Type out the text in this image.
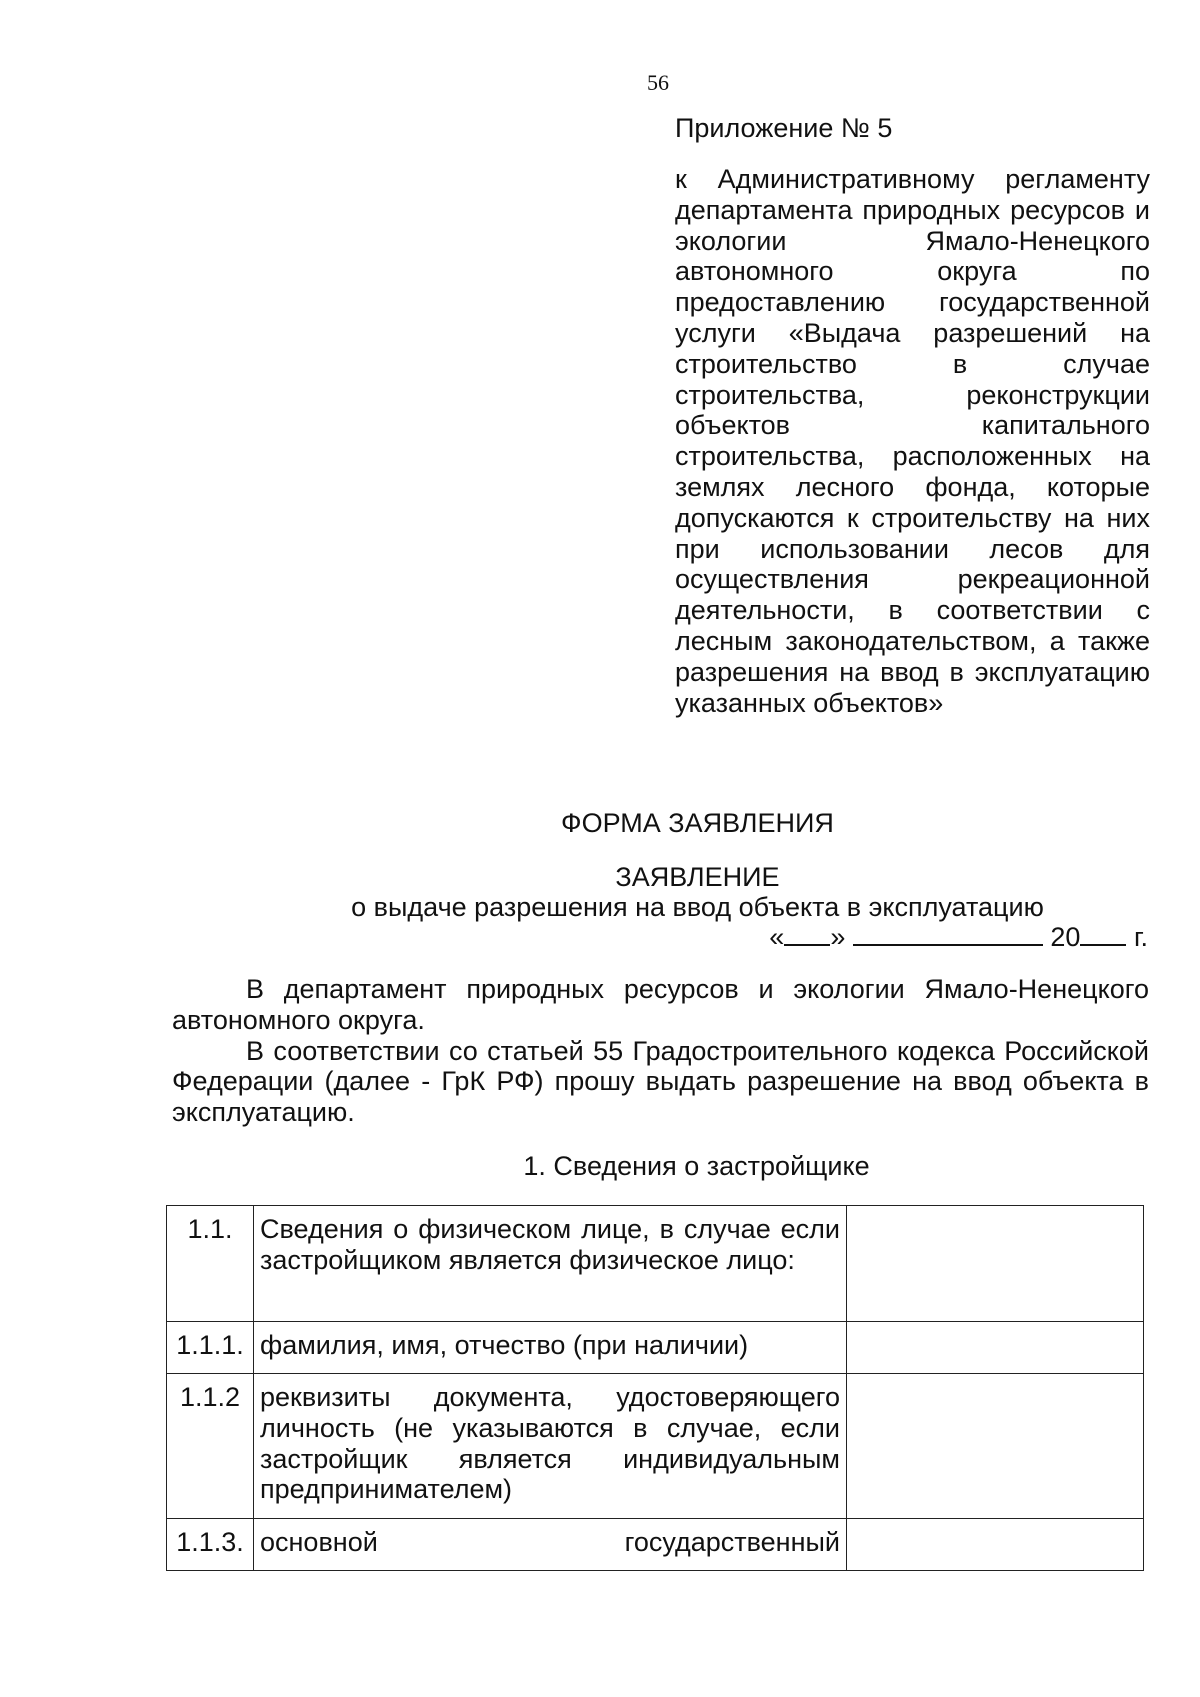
56
Приложение № 5

к Административному регламенту департамента природных ресурсов и экологии Ямало-Ненецкого автономного округа по предоставлению государственной услуги «Выдача разрешений на строительство в случае строительства, реконструкции объектов капитального строительства, расположенных на землях лесного фонда, которые допускаются к строительству на них при использовании лесов для осуществления рекреационной деятельности, в соответствии с лесным законодательством, а также разрешения на ввод в эксплуатацию указанных объектов»

ФОРМА ЗАЯВЛЕНИЯ
ЗАЯВЛЕНИЕ
о выдаче разрешения на ввод объекта в эксплуатацию
« »	20 г.

В департамент природных ресурсов и экологии Ямало-Ненецкого автономного округа.

В соответствии со статьей 55 Градостроительного кодекса Российской Федерации (далее - ГрК РФ) прошу выдать разрешение на ввод объекта в эксплуатацию.

1. Сведения о застройщике
1.1.	Сведения о физическом лице, в случае если застройщиком является физическое лицо:	
1.1.1.	фамилия, имя, отчество (при наличии)	
1.1.2	реквизиты документа, удостоверяющего личность (не указываются в случае, если застройщик является индивидуальным предпринимателем)	
1.1.3.	основной государственный	
